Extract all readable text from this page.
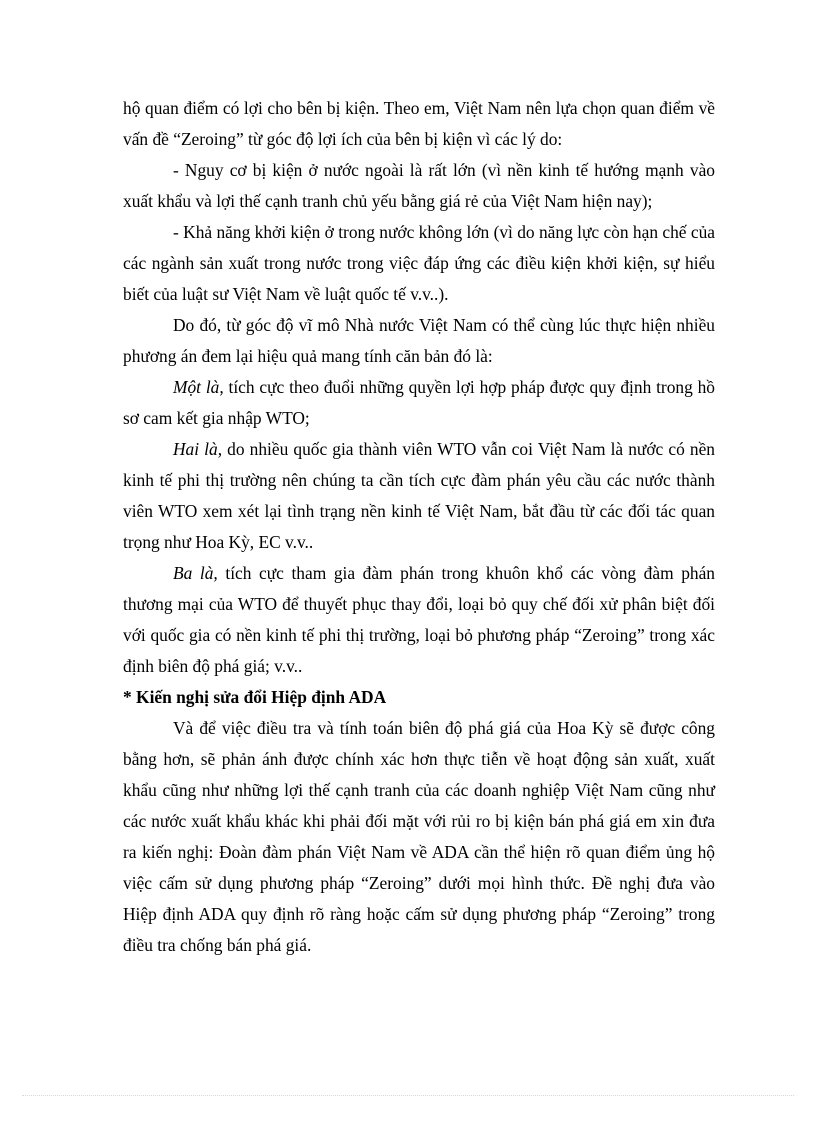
hộ quan điểm có lợi cho bên bị kiện. Theo em, Việt Nam nên lựa chọn quan điểm về vấn đề “Zeroing” từ góc độ lợi ích của bên bị kiện vì các lý do:

- Nguy cơ bị kiện ở nước ngoài là rất lớn (vì nền kinh tế hướng mạnh vào xuất khẩu và lợi thế cạnh tranh chủ yếu bằng giá rẻ của Việt Nam hiện nay);

- Khả năng khởi kiện ở trong nước không lớn (vì do năng lực còn hạn chế của các ngành sản xuất trong nước trong việc đáp ứng các điều kiện khởi kiện, sự hiểu biết của luật sư Việt Nam về luật quốc tế v.v..).

Do đó, từ góc độ vĩ mô Nhà nước Việt Nam có thể cùng lúc thực hiện nhiều phương án đem lại hiệu quả mang tính căn bản đó là:

Một là, tích cực theo đuổi những quyền lợi hợp pháp được quy định trong hồ sơ cam kết gia nhập WTO;

Hai là, do nhiều quốc gia thành viên WTO vẫn coi Việt Nam là nước có nền kinh tế phi thị trường nên chúng ta cần tích cực đàm phán yêu cầu các nước thành viên WTO xem xét lại tình trạng nền kinh tế Việt Nam, bắt đầu từ các đối tác quan trọng như Hoa Kỳ, EC v.v..

Ba là, tích cực tham gia đàm phán trong khuôn khổ các vòng đàm phán thương mại của WTO để thuyết phục thay đổi, loại bỏ quy chế đối xử phân biệt đối với quốc gia có nền kinh tế phi thị trường, loại bỏ phương pháp “Zeroing” trong xác định biên độ phá giá; v.v..

* Kiến nghị sửa đổi Hiệp định ADA

Và để việc điều tra và tính toán biên độ phá giá của Hoa Kỳ sẽ được công bằng hơn, sẽ phản ánh được chính xác hơn thực tiễn về hoạt động sản xuất, xuất khẩu cũng như những lợi thế cạnh tranh của các doanh nghiệp Việt Nam cũng như các nước xuất khẩu khác khi phải đối mặt với rủi ro bị kiện bán phá giá em xin đưa ra kiến nghị: Đoàn đàm phán Việt Nam về ADA cần thể hiện rõ quan điểm ủng hộ việc cấm sử dụng phương pháp “Zeroing” dưới mọi hình thức. Đề nghị đưa vào Hiệp định ADA quy định rõ ràng hoặc cấm sử dụng phương pháp “Zeroing” trong điều tra chống bán phá giá.
